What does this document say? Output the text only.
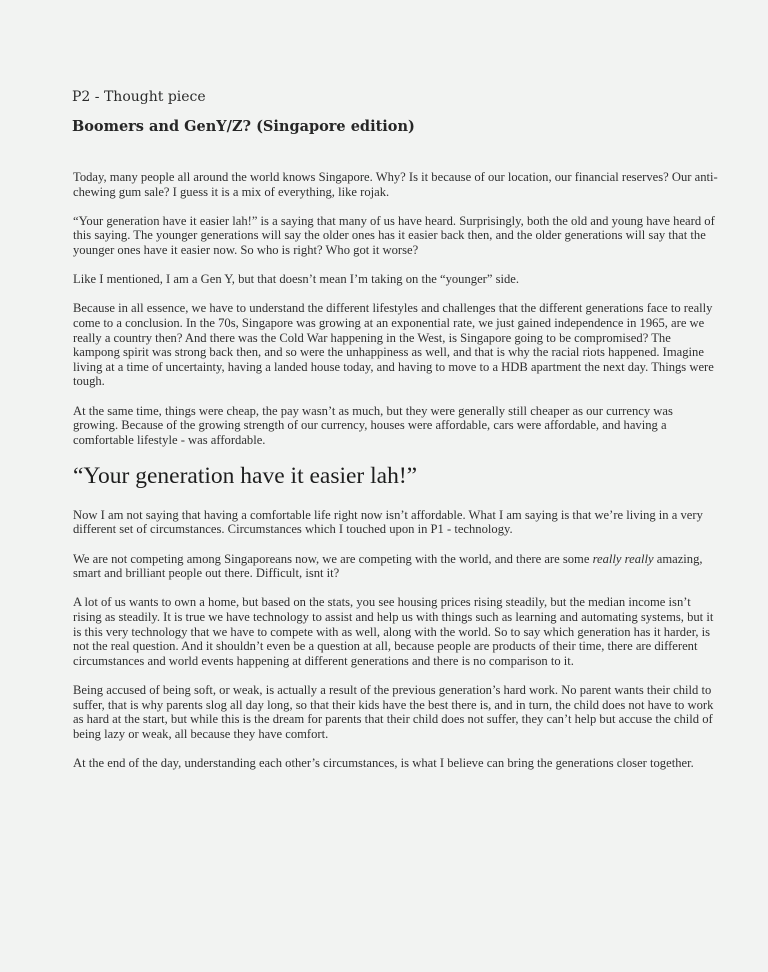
P2 - Thought piece
Boomers and GenY/Z? (Singapore edition)

Today, many people all around the world knows Singapore. Why? Is it because of our location, our financial reserves? Our anti-chewing gum sale? I guess it is a mix of everything, like rojak.

“Your generation have it easier lah!” is a saying that many of us have heard. Surprisingly, both the old and young have heard of this saying. The younger generations will say the older ones has it easier back then, and the older generations will say that the younger ones have it easier now. So who is right? Who got it worse?

Like I mentioned, I am a Gen Y, but that doesn’t mean I’m taking on the “younger” side.

Because in all essence, we have to understand the different lifestyles and challenges that the different generations face to really come to a conclusion. In the 70s, Singapore was growing at an exponential rate, we just gained independence in 1965, are we really a country then? And there was the Cold War happening in the West, is Singapore going to be compromised? The kampong spirit was strong back then, and so were the unhappiness as well, and that is why the racial riots happened. Imagine living at a time of uncertainty, having a landed house today, and having to move to a HDB apartment the next day. Things were tough.

At the same time, things were cheap, the pay wasn’t as much, but they were generally still cheaper as our currency was growing. Because of the growing strength of our currency, houses were affordable, cars were affordable, and having a comfortable lifestyle - was affordable.

“Your generation have it easier lah!”

Now I am not saying that having a comfortable life right now isn’t affordable. What I am saying is that we’re living in a very different set of circumstances. Circumstances which I touched upon in P1 - technology.

We are not competing among Singaporeans now, we are competing with the world, and there are some really really amazing, smart and brilliant people out there. Difficult, isnt it?

A lot of us wants to own a home, but based on the stats, you see housing prices rising steadily, but the median income isn’t rising as steadily. It is true we have technology to assist and help us with things such as learning and automating systems, but it is this very technology that we have to compete with as well, along with the world. So to say which generation has it harder, is not the real question. And it shouldn’t even be a question at all, because people are products of their time, there are different circumstances and world events happening at different generations and there is no comparison to it.

Being accused of being soft, or weak, is actually a result of the previous generation’s hard work. No parent wants their child to suffer, that is why parents slog all day long, so that their kids have the best there is, and in turn, the child does not have to work as hard at the start, but while this is the dream for parents that their child does not suffer, they can’t help but accuse the child of being lazy or weak, all because they have comfort.

At the end of the day, understanding each other’s circumstances, is what I believe can bring the generations closer together.
